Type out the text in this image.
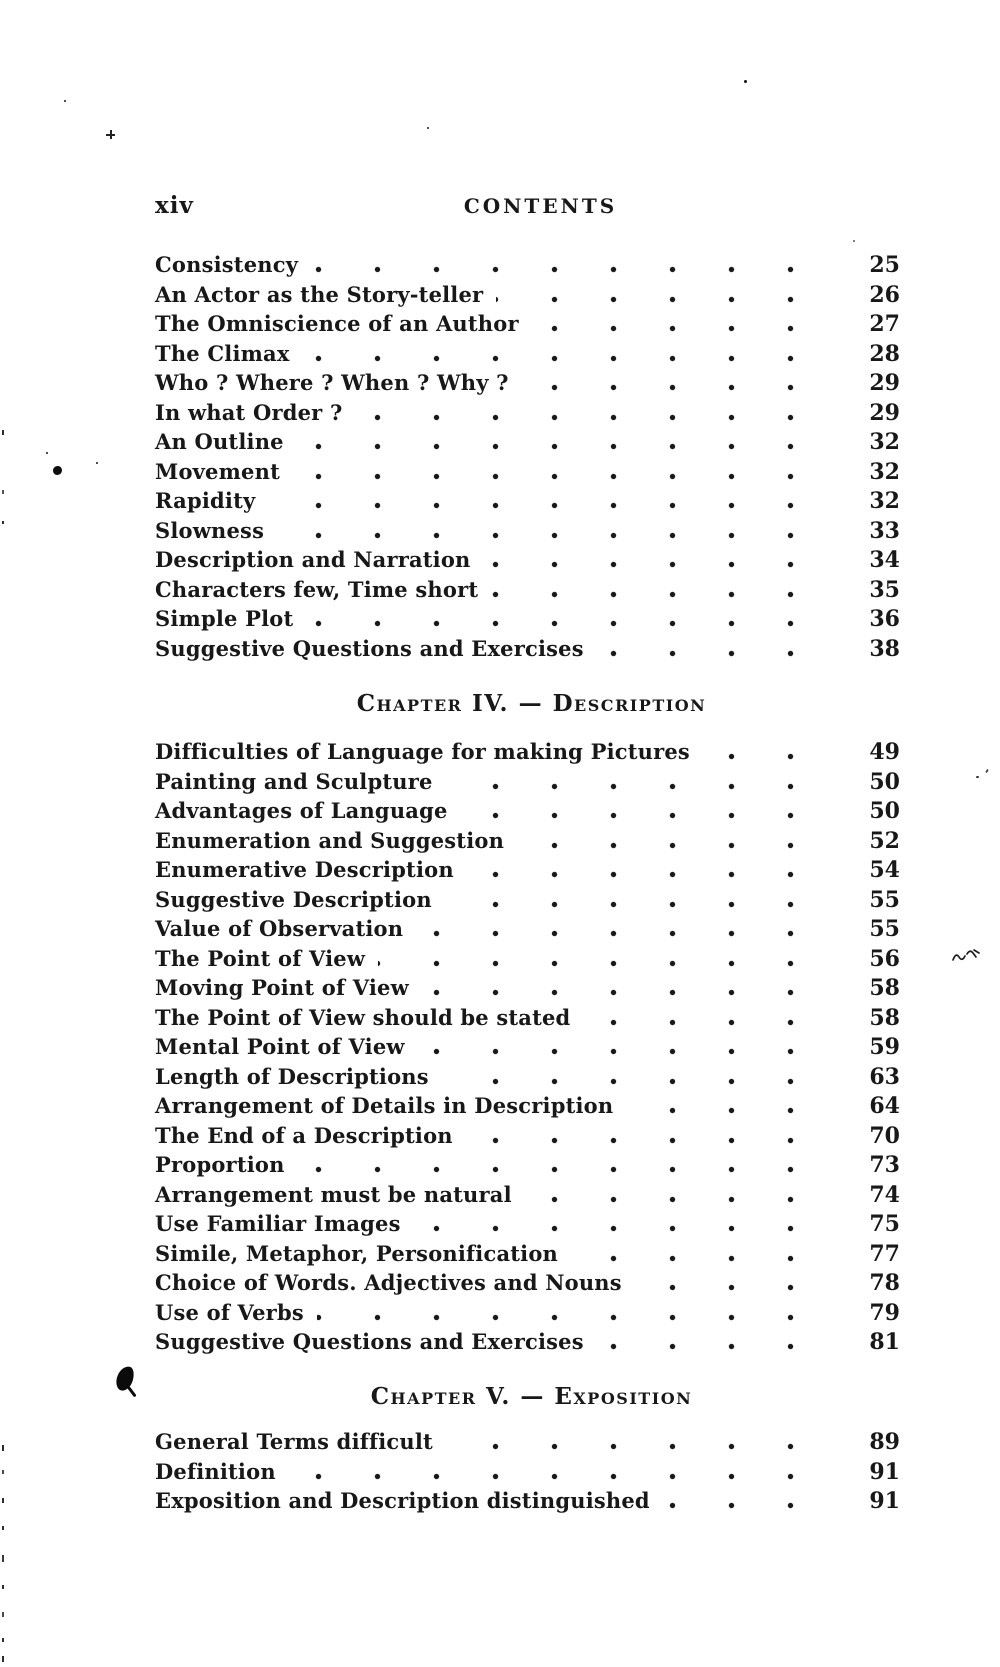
xiv	CONTENTS
Consistency	25
An Actor as the Story-teller	26
The Omniscience of an Author	27
The Climax	28
Who ? Where ? When ? Why ?	29
In what Order ?	29
An Outline	32
Movement	32
Rapidity	32
Slowness	33
Description and Narration	34
Characters few, Time short	35
Simple Plot	36
Suggestive Questions and Exercises	38
Chapter IV. — Description
Difficulties of Language for making Pictures	49
Painting and Sculpture	50
Advantages of Language	50
Enumeration and Suggestion	52
Enumerative Description	54
Suggestive Description	55
Value of Observation	55
The Point of View	56
Moving Point of View	58
The Point of View should be stated	58
Mental Point of View	59
Length of Descriptions	63
Arrangement of Details in Description	64
The End of a Description	70
Proportion	73
Arrangement must be natural	74
Use Familiar Images	75
Simile, Metaphor, Personification	77
Choice of Words. Adjectives and Nouns	78
Use of Verbs	79
Suggestive Questions and Exercises	81
Chapter V. — Exposition
General Terms difficult	89
Definition	91
Exposition and Description distinguished	91
